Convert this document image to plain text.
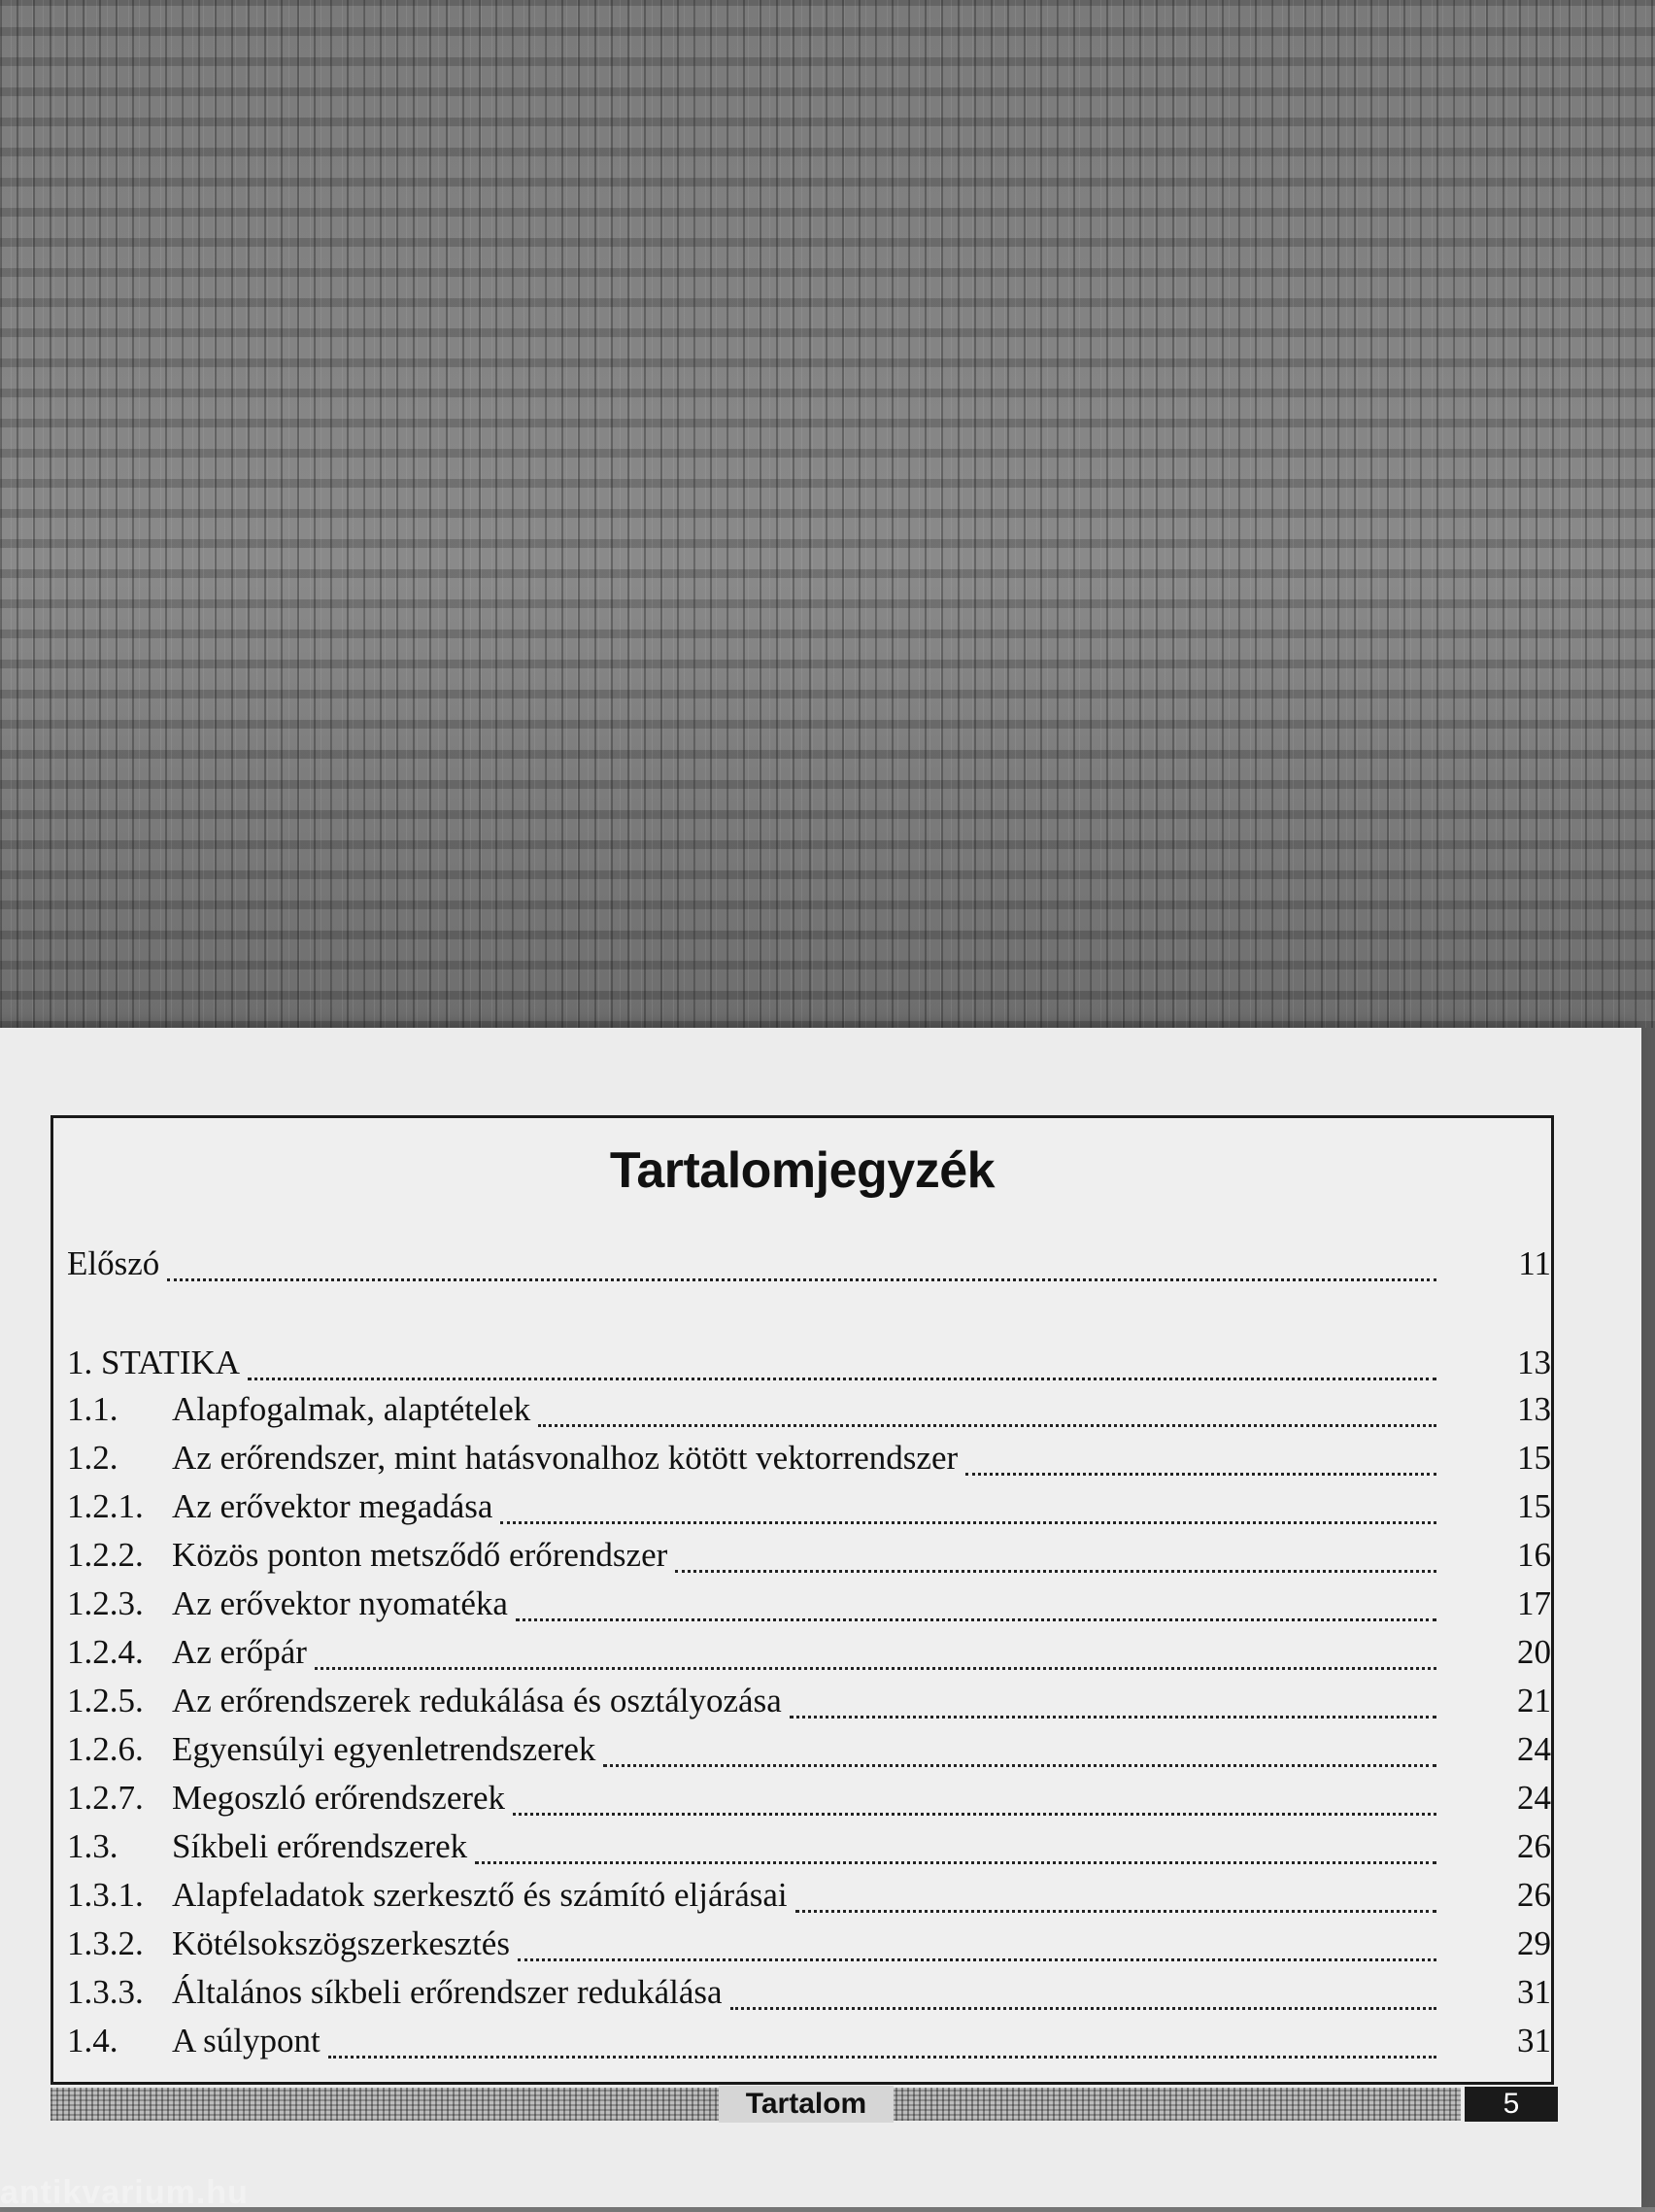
Tartalomjegyzék
Előszó	11
1. STATIKA	13
1.1.	Alapfogalmak, alaptételek	13
1.2.	Az erőrendszer, mint hatásvonalhoz kötött vektorrendszer	15
1.2.1. Az erővektor megadása	15
1.2.2. Közös ponton metsződő erőrendszer	16
1.2.3. Az erővektor nyomatéka	17
1.2.4. Az erőpár	20
1.2.5. Az erőrendszerek redukálása és osztályozása	21
1.2.6. Egyensúlyi egyenletrendszerek	24
1.2.7. Megoszló erőrendszerek	24
1.3.	Síkbeli erőrendszerek	26
1.3.1. Alapfeladatok szerkesztő és számító eljárásai	26
1.3.2. Kötélsokszögszerkesztés	29
1.3.3. Általános síkbeli erőrendszer redukálása	31
1.4.	A súlypont	31
Tartalom	5
antikvarium.hu
